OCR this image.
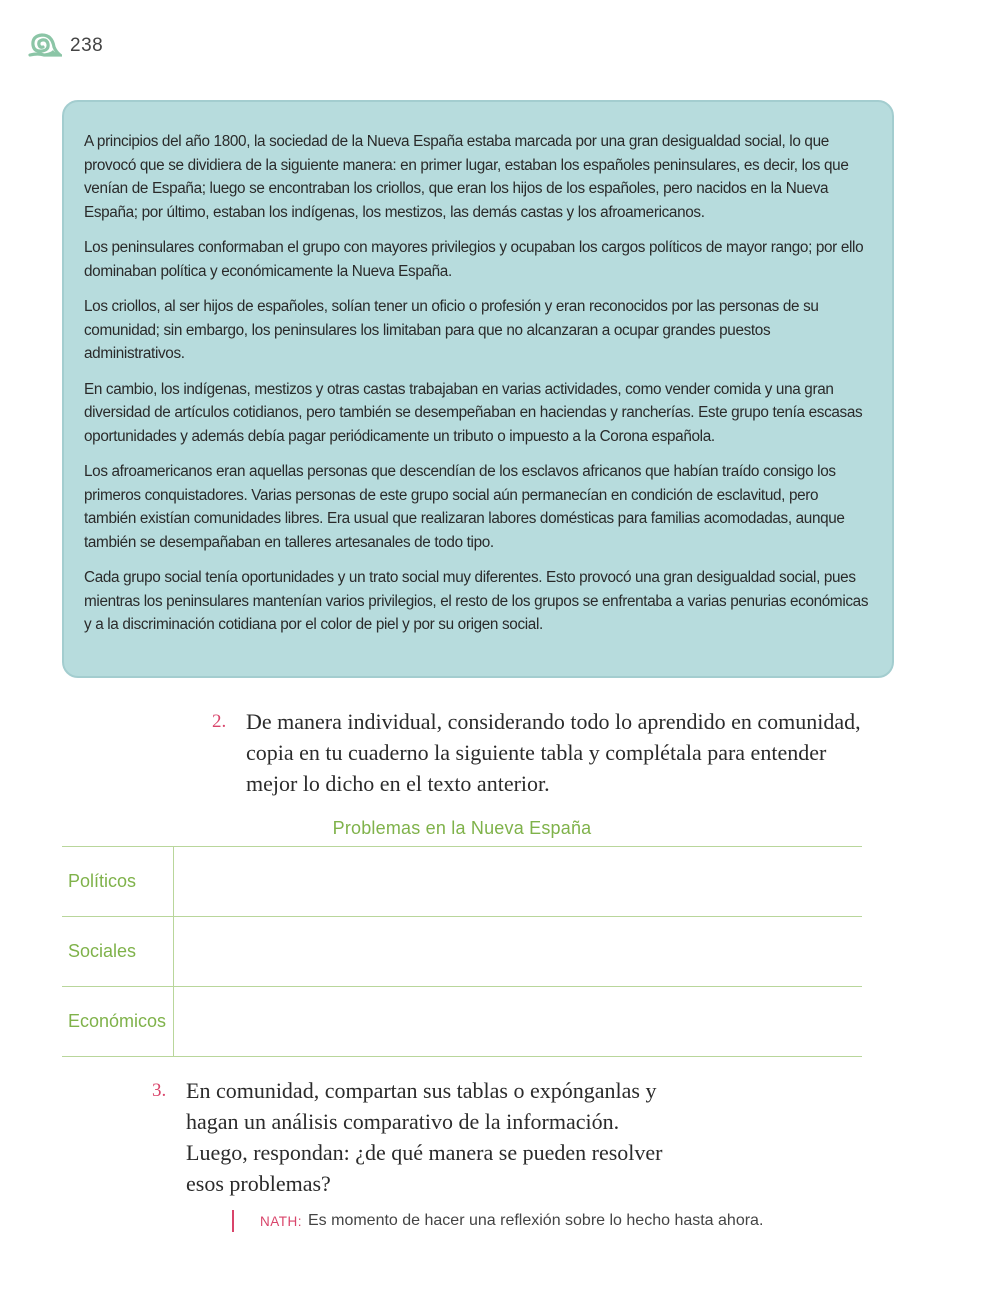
238

A principios del año 1800, la sociedad de la Nueva España estaba marcada por una gran desigualdad social, lo que provocó que se dividiera de la siguiente manera: en primer lugar, estaban los españoles peninsulares, es decir, los que venían de España; luego se encontraban los criollos, que eran los hijos de los españoles, pero nacidos en la Nueva España; por último, estaban los indígenas, los mestizos, las demás castas y los afroamericanos.

Los peninsulares conformaban el grupo con mayores privilegios y ocupaban los cargos políticos de mayor rango; por ello dominaban política y económicamente la Nueva España.

Los criollos, al ser hijos de españoles, solían tener un oficio o profesión y eran reconocidos por las personas de su comunidad; sin embargo, los peninsulares los limitaban para que no alcanzaran a ocupar grandes puestos administrativos.

En cambio, los indígenas, mestizos y otras castas trabajaban en varias actividades, como vender comida y una gran diversidad de artículos cotidianos, pero también se desempeñaban en haciendas y rancherías. Este grupo tenía escasas oportunidades y además debía pagar periódicamente un tributo o impuesto a la Corona española.

Los afroamericanos eran aquellas personas que descendían de los esclavos africanos que habían traído consigo los primeros conquistadores. Varias personas de este grupo social aún permanecían en condición de esclavitud, pero también existían comunidades libres. Era usual que realizaran labores domésticas para familias acomodadas, aunque también se desempañaban en talleres artesanales de todo tipo.

Cada grupo social tenía oportunidades y un trato social muy diferentes. Esto provocó una gran desigualdad social, pues mientras los peninsulares mantenían varios privilegios, el resto de los grupos se enfrentaba a varias penurias económicas y a la discriminación cotidiana por el color de piel y por su origen social.

2. De manera individual, considerando todo lo aprendido en comunidad, copia en tu cuaderno la siguiente tabla y complétala para entender mejor lo dicho en el texto anterior.
Problemas en la Nueva España
Políticos
Sociales
Económicos
3. En comunidad, compartan sus tablas o expónganlas y hagan un análisis comparativo de la información. Luego, respondan: ¿de qué manera se pueden resolver esos problemas?
NATH: Es momento de hacer una reflexión sobre lo hecho hasta ahora.
